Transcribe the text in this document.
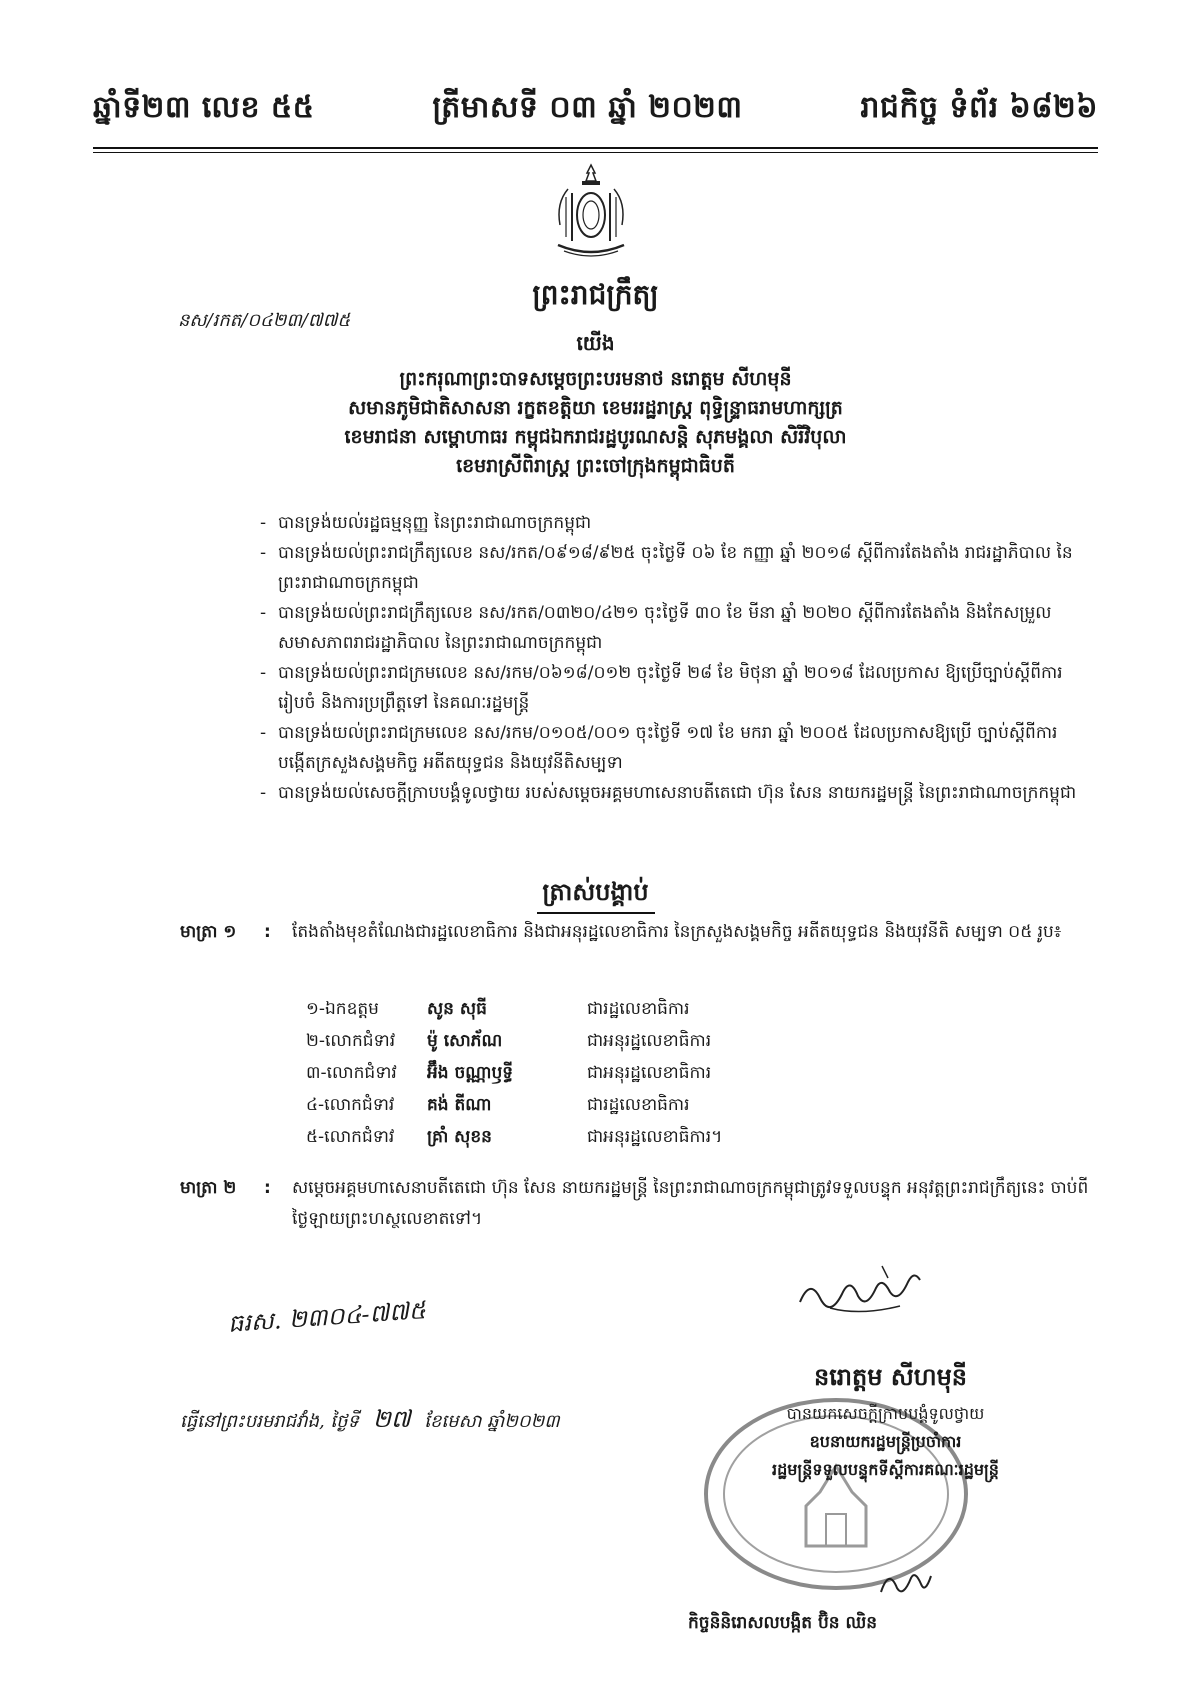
ឆ្នាំទី២៣ លេខ ៥៥	ត្រីមាសទី ០៣ ឆ្នាំ ២០២៣	រាជកិច្ច ទំព័រ ៦៨២៦
ព្រះរាជក្រឹត្យ
នស/រកត/០៤២៣/៧៧៥
យើង
ព្រះករុណាព្រះបាទសម្តេចព្រះបរមនាថ នរោត្តម សីហមុនី
សមានភូមិជាតិសាសនា រក្ខតខត្តិយា ខេមររដ្ឋរាស្ត្រ ពុទ្ធិន្ទ្រាធរាមហាក្សត្រ
ខេមរាជនា សម្ពោហាធរ កម្ពុជឯករាជរដ្ឋបូរណសន្តិ សុភមង្គលា សិរីវិបុលា
ខេមរាស្រីពិរាស្ត្រ ព្រះចៅក្រុងកម្ពុជាធិបតី
- បានទ្រង់យល់រដ្ឋធម្មនុញ្ញ នៃព្រះរាជាណាចក្រកម្ពុជា
- បានទ្រង់យល់ព្រះរាជក្រឹត្យលេខ នស/រកត/០៩១៨/៩២៥ ចុះថ្ងៃទី ០៦ ខែ កញ្ញា ឆ្នាំ ២០១៨ ស្តីពីការតែងតាំង រាជរដ្ឋាភិបាល នៃព្រះរាជាណាចក្រកម្ពុជា
- បានទ្រង់យល់ព្រះរាជក្រឹត្យលេខ នស/រកត/០៣២០/៤២១ ចុះថ្ងៃទី ៣០ ខែ មីនា ឆ្នាំ ២០២០ ស្តីពីការតែងតាំង និងកែសម្រួលសមាសភាពរាជរដ្ឋាភិបាល នៃព្រះរាជាណាចក្រកម្ពុជា
- បានទ្រង់យល់ព្រះរាជក្រមលេខ នស/រកម/០៦១៨/០១២ ចុះថ្ងៃទី ២៨ ខែ មិថុនា ឆ្នាំ ២០១៨ ដែលប្រកាស ឱ្យប្រើច្បាប់ស្តីពីការរៀបចំ និងការប្រព្រឹត្តទៅ នៃគណៈរដ្ឋមន្ត្រី
- បានទ្រង់យល់ព្រះរាជក្រមលេខ នស/រកម/០១០៥/០០១ ចុះថ្ងៃទី ១៧ ខែ មករា ឆ្នាំ ២០០៥ ដែលប្រកាសឱ្យប្រើ ច្បាប់ស្តីពីការបង្កើតក្រសួងសង្គមកិច្ច អតីតយុទ្ធជន និងយុវនីតិសម្បទា
- បានទ្រង់យល់សេចក្តីក្រាបបង្គំទូលថ្វាយ របស់សម្តេចអគ្គមហាសេនាបតីតេជោ ហ៊ុន សែន នាយករដ្ឋមន្ត្រី នៃព្រះរាជាណាចក្រកម្ពុជា
ត្រាស់បង្គាប់
មាត្រា ១ : តែងតាំងមុខតំណែងជារដ្ឋលេខាធិការ និងជាអនុរដ្ឋលេខាធិការ នៃក្រសួងសង្គមកិច្ច អតីតយុទ្ធជន និងយុវនីតិ សម្បទា ០៥ រូប៖
១-ឯកឧត្តម	សូន សុធី	ជារដ្ឋលេខាធិការ
២-លោកជំទាវ	ម៉ូ សោភ័ណ	ជាអនុរដ្ឋលេខាធិការ
៣-លោកជំទាវ	អ៊ឹង ចណ្ណាឫទ្ធី	ជាអនុរដ្ឋលេខាធិការ
៤-លោកជំទាវ	គង់ តីណា	ជារដ្ឋលេខាធិការ
៥-លោកជំទាវ	គ្រាំ សុខន	ជាអនុរដ្ឋលេខាធិការ។
មាត្រា ២ : សម្តេចអគ្គមហាសេនាបតីតេជោ ហ៊ុន សែន នាយករដ្ឋមន្ត្រី នៃព្រះរាជាណាចក្រកម្ពុជាត្រូវទទួលបន្ទុក អនុវត្តព្រះរាជក្រឹត្យនេះ ចាប់ពីថ្ងៃឡាយព្រះហស្ថលេខាតទៅ។
ធរស. ២៣០៤-៧៧៥
ធ្វើនៅព្រះបរមរាជវាំង, ថ្ងៃទី ២៧ ខែមេសា ឆ្នាំ២០២៣
នរោត្តម សីហមុនី
បានយកសេចក្តីក្រាបបង្គំទូលថ្វាយ
ឧបនាយករដ្ឋមន្ត្រីប្រចាំការ
រដ្ឋមន្ត្រីទទួលបន្ទុកទីស្តីការគណៈរដ្ឋមន្ត្រី
កិច្ចនិនិរោសលបង្កិត ប៊ិន ឈិន
